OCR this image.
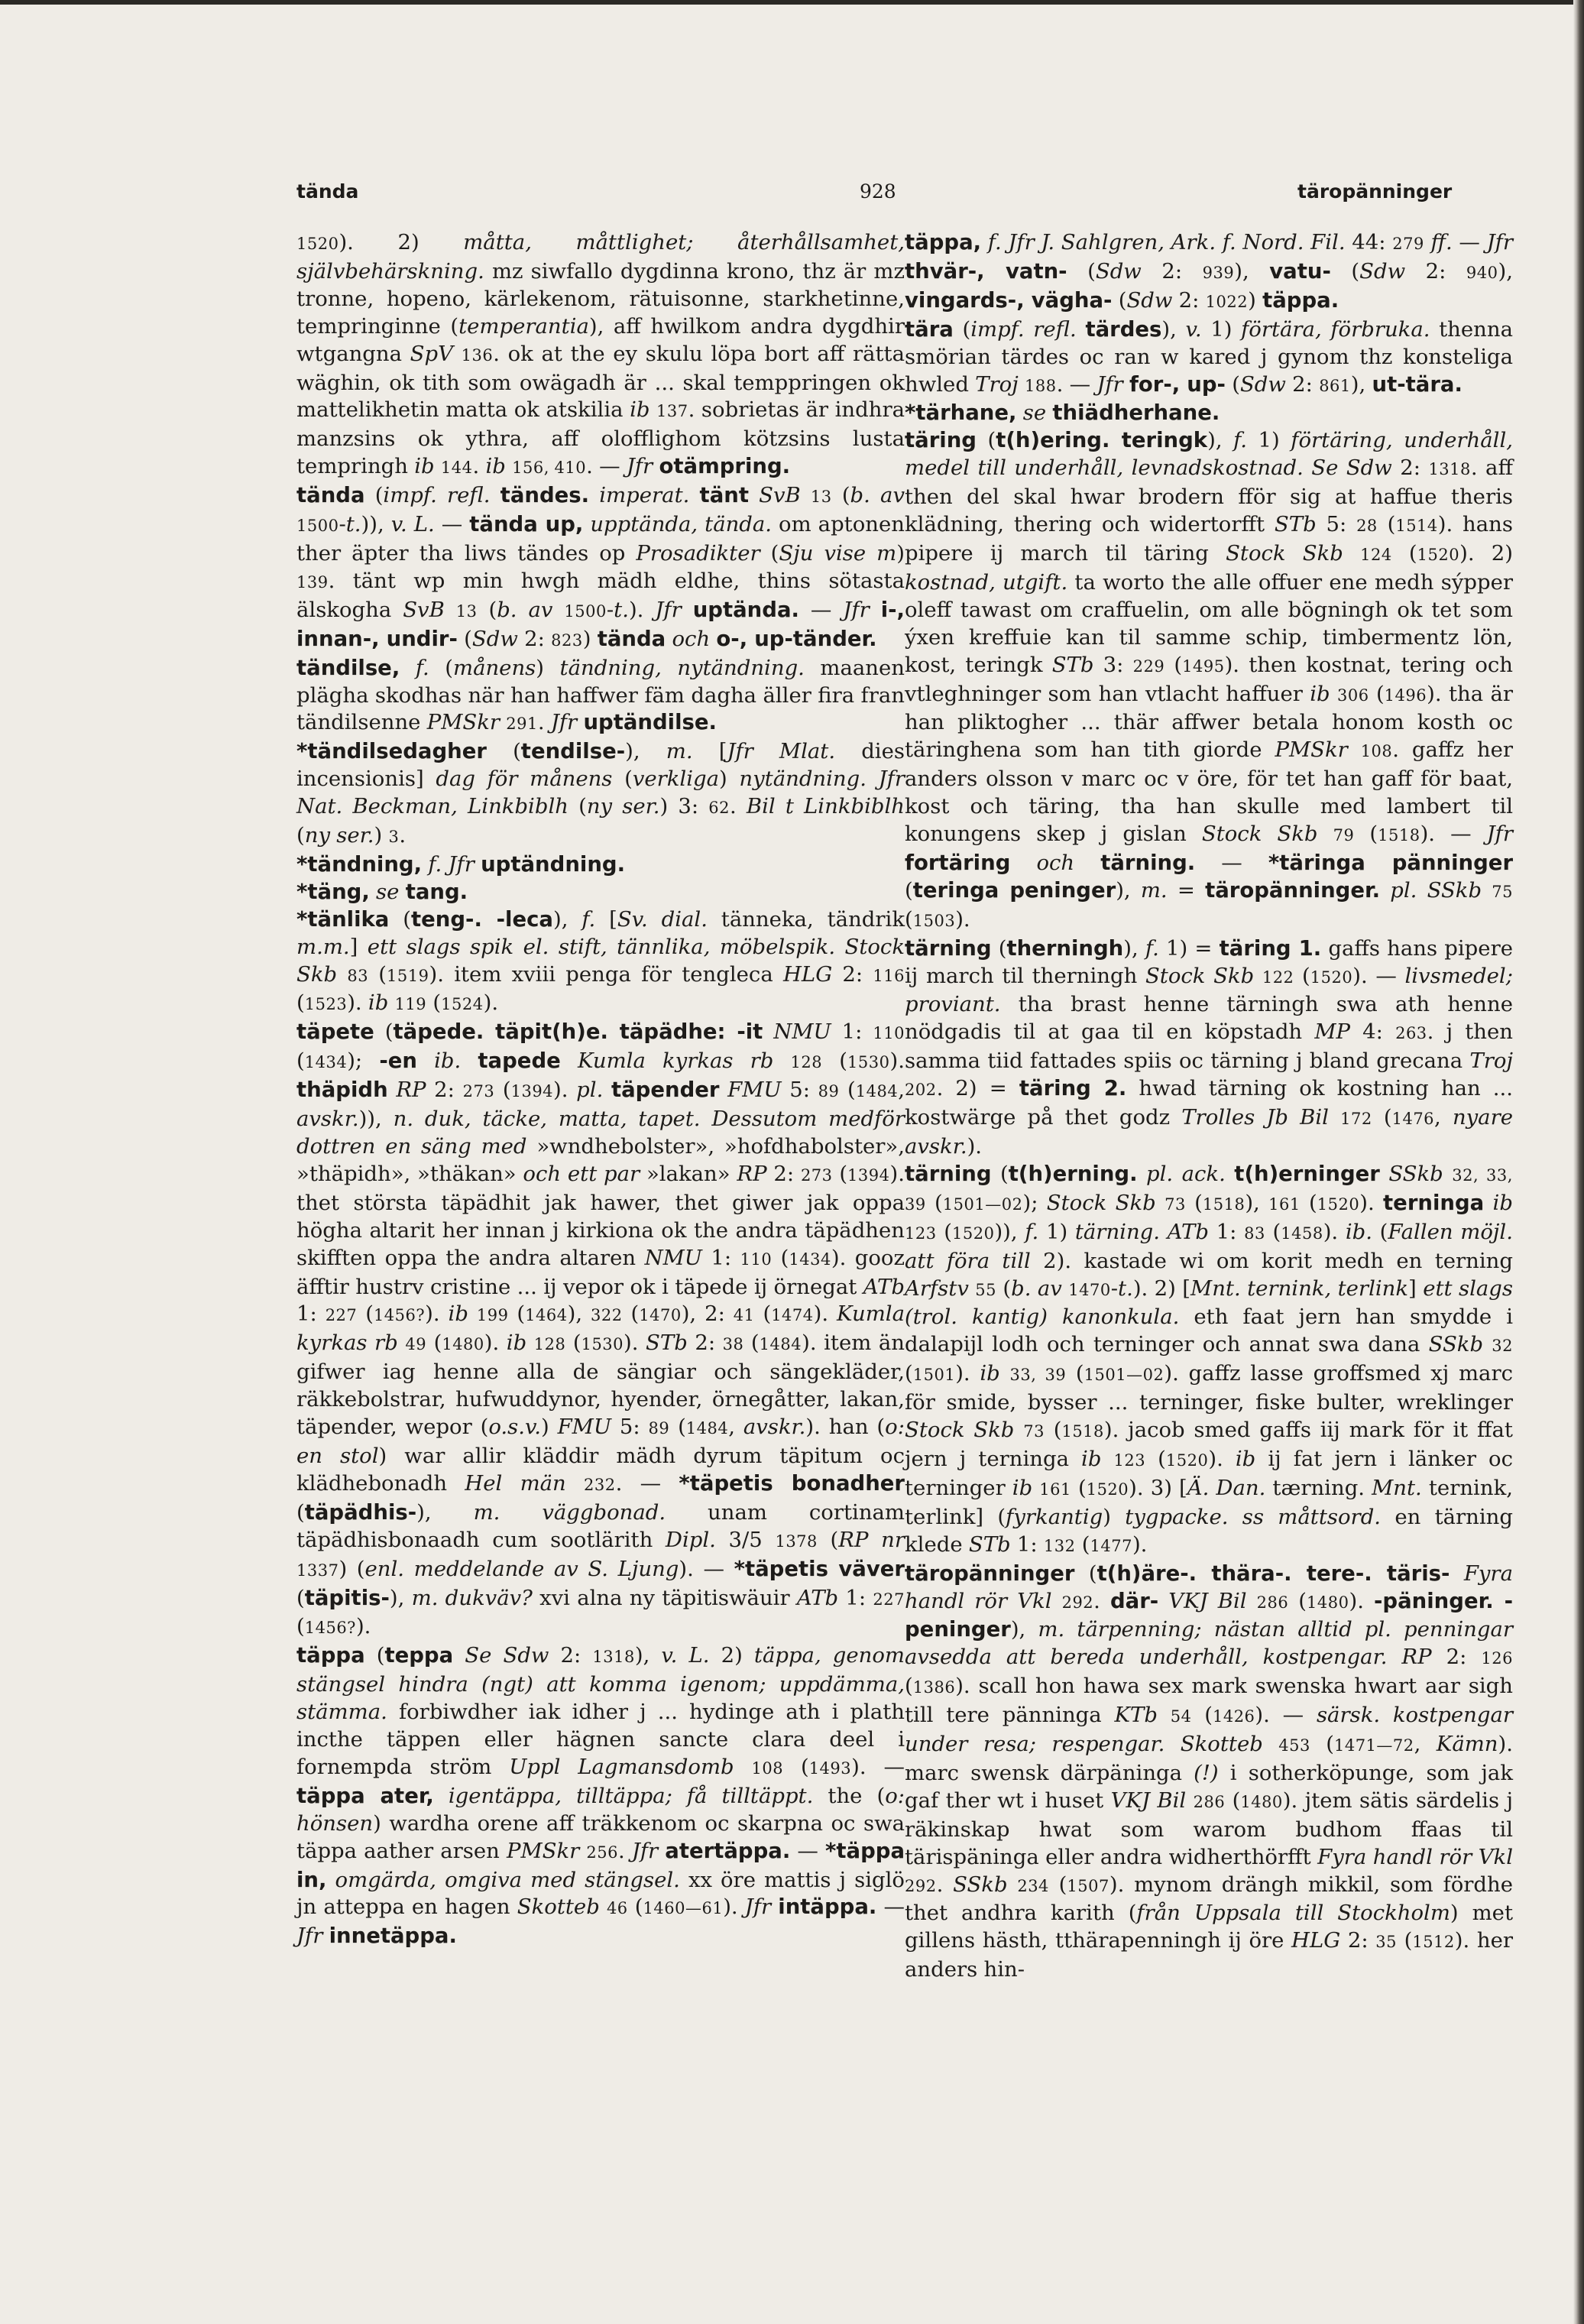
tända	928	täropänninger

1520). 2) måtta, måttlighet; återhållsamhet, självbehärskning. mz siwfallo dygdinna krono, thz är mz tronne, hopeno, kärlekenom, rätuisonne, starkhetinne, tempringinne (temperantia), aff hwilkom andra dygdhir wtgangna SpV 136. ok at the ey skulu löpa bort aff rätta wäghin, ok tith som owägadh är ... skal temppringen ok mattelikhetin matta ok atskilia ib 137. sobrietas är indhra manzsins ok ythra, aff olofflighom kötzsins lusta tempringh ib 144. ib 156, 410. — Jfr otämpring.

tända (impf. refl. tändes. imperat. tänt SvB 13 (b. av 1500-t.)), v. L. — tända up, upptända, tända. om aptonen ther äpter tha liws tändes op Prosadikter (Sju vise m) 139. tänt wp min hwgh mädh eldhe, thins sötasta älskogha SvB 13 (b. av 1500-t.). Jfr uptända. — Jfr i-, innan-, undir- (Sdw 2: 823) tända och o-, up-tänder.

tändilse, f. (månens) tändning, nytändning. maanen plägha skodhas när han haffwer fäm dagha äller fira fran tändilsenne PMSkr 291. Jfr uptändilse.

*tändilsedagher (tendilse-), m. [Jfr Mlat. dies incensionis] dag för månens (verkliga) nytändning. Jfr Nat. Beckman, Linkbiblh (ny ser.) 3: 62. Bil t Linkbiblh (ny ser.) 3.

*tändning, f. Jfr uptändning.

*täng, se tang.

*tänlika (teng-. -leca), f. [Sv. dial. tänneka, tändrik m.m.] ett slags spik el. stift, tännlika, möbelspik. Stock Skb 83 (1519). item xviii penga för tengleca HLG 2: 116 (1523). ib 119 (1524).

täpete (täpede. täpit(h)e. täpädhe: -it NMU 1: 110 (1434); -en ib. tapede Kumla kyrkas rb 128 (1530). thäpidh RP 2: 273 (1394). pl. täpender FMU 5: 89 (1484, avskr.)), n. duk, täcke, matta, tapet. Dessutom medför dottren en säng med »wndhebolster», »hofdhabolster», »thäpidh», »thäkan» och ett par »lakan» RP 2: 273 (1394). thet största täpädhit jak hawer, thet giwer jak oppa högha altarit her innan j kirkiona ok the andra täpädhen skifften oppa the andra altaren NMU 1: 110 (1434). gooz äfftir hustrv cristine ... ij vepor ok i täpede ij örnegat ATb 1: 227 (1456?). ib 199 (1464), 322 (1470), 2: 41 (1474). Kumla kyrkas rb 49 (1480). ib 128 (1530). STb 2: 38 (1484). item än gifwer iag henne alla de sängiar och sängekläder, räkkebolstrar, hufwuddynor, hyender, örnegåtter, lakan, täpender, wepor (o.s.v.) FMU 5: 89 (1484, avskr.). han (o: en stol) war allir kläddir mädh dyrum täpitum oc klädhebonadh Hel män 232. — *täpetis bonadher (täpädhis-), m. väggbonad. unam cortinam täpädhisbonaadh cum sootlärith Dipl. 3/5 1378 (RP nr 1337) (enl. meddelande av S. Ljung). — *täpetis väver (täpitis-), m. dukväv? xvi alna ny täpitiswäuir ATb 1: 227 (1456?).

täppa (teppa Se Sdw 2: 1318), v. L. 2) täppa, genom stängsel hindra (ngt) att komma igenom; uppdämma, stämma. forbiwdher iak idher j ... hydinge ath i plath incthe täppen eller hägnen sancte clara deel i fornempda ström Uppl Lagmansdomb 108 (1493). — täppa ater, igentäppa, tilltäppa; få tilltäppt. the (o: hönsen) wardha orene aff träkkenom oc skarpna oc swa täppa aather arsen PMSkr 256. Jfr atertäppa. — *täppa in, omgärda, omgiva med stängsel. xx öre mattis j siglö jn atteppa en hagen Skotteb 46 (1460—61). Jfr intäppa. — Jfr innetäppa.

täppa, f. Jfr J. Sahlgren, Ark. f. Nord. Fil. 44: 279 ff. — Jfr thvär-, vatn- (Sdw 2: 939), vatu- (Sdw 2: 940), vingards-, vägha- (Sdw 2: 1022) täppa.

tära (impf. refl. tärdes), v. 1) förtära, förbruka. thenna smörian tärdes oc ran w kared j gynom thz konsteliga hwled Troj 188. — Jfr for-, up- (Sdw 2: 861), ut-tära.

*tärhane, se thiädherhane.

täring (t(h)ering. teringk), f. 1) förtäring, underhåll, medel till underhåll, levnadskostnad. Se Sdw 2: 1318. aff then del skal hwar brodern fför sig at haffue theris klädning, thering och widertorfft STb 5: 28 (1514). hans pipere ij march til täring Stock Skb 124 (1520). 2) kostnad, utgift. ta worto the alle offuer ene medh sýpper oleff tawast om craffuelin, om alle bögningh ok tet som ýxen kreffuie kan til samme schip, timbermentz lön, kost, teringk STb 3: 229 (1495). then kostnat, tering och vtleghninger som han vtlacht haffuer ib 306 (1496). tha är han pliktogher ... thär affwer betala honom kosth oc täringhena som han tith giorde PMSkr 108. gaffz her anders olsson v marc oc v öre, för tet han gaff för baat, kost och täring, tha han skulle med lambert til konungens skep j gislan Stock Skb 79 (1518). — Jfr fortäring och tärning. — *täringa pänninger (teringa peninger), m. = täropänninger. pl. SSkb 75 (1503).

tärning (therningh), f. 1) = täring 1. gaffs hans pipere ij march til therningh Stock Skb 122 (1520). — livsmedel; proviant. tha brast henne tärningh swa ath henne nödgadis til at gaa til en köpstadh MP 4: 263. j then samma tiid fattades spiis oc tärning j bland grecana Troj 202. 2) = täring 2. hwad tärning ok kostning han ... kostwärge på thet godz Trolles Jb Bil 172 (1476, nyare avskr.).

tärning (t(h)erning. pl. ack. t(h)erninger SSkb 32, 33, 39 (1501—02); Stock Skb 73 (1518), 161 (1520). terninga ib 123 (1520)), f. 1) tärning. ATb 1: 83 (1458). ib. (Fallen möjl. att föra till 2). kastade wi om korit medh en terning Arfstv 55 (b. av 1470-t.). 2) [Mnt. ternink, terlink] ett slags (trol. kantig) kanonkula. eth faat jern han smydde i dalapijl lodh och terninger och annat swa dana SSkb 32 (1501). ib 33, 39 (1501—02). gaffz lasse groffsmed xj marc för smide, bysser ... terninger, fiske bulter, wreklinger Stock Skb 73 (1518). jacob smed gaffs iij mark för it ffat jern j terninga ib 123 (1520). ib ij fat jern i länker oc terninger ib 161 (1520). 3) [Ä. Dan. tærning. Mnt. ternink, terlink] (fyrkantig) tygpacke. ss måttsord. en tärning klede STb 1: 132 (1477).

täropänninger (t(h)äre-. thära-. tere-. täris- Fyra handl rör Vkl 292. där- VKJ Bil 286 (1480). -päninger. -peninger), m. tärpenning; nästan alltid pl. penningar avsedda att bereda underhåll, kostpengar. RP 2: 126 (1386). scall hon hawa sex mark swenska hwart aar sigh till tere pänninga KTb 54 (1426). — särsk. kostpengar under resa; respengar. Skotteb 453 (1471—72, Kämn). marc swensk därpäninga (!) i sotherköpunge, som jak gaf ther wt i huset VKJ Bil 286 (1480). jtem sätis särdelis j räkinskap hwat som warom budhom ffaas til tärispäninga eller andra widherthörfft Fyra handl rör Vkl 292. SSkb 234 (1507). mynom drängh mikkil, som fördhe thet andhra karith (från Uppsala till Stockholm) met gillens hästh, tthärapenningh ij öre HLG 2: 35 (1512). her anders hin-
